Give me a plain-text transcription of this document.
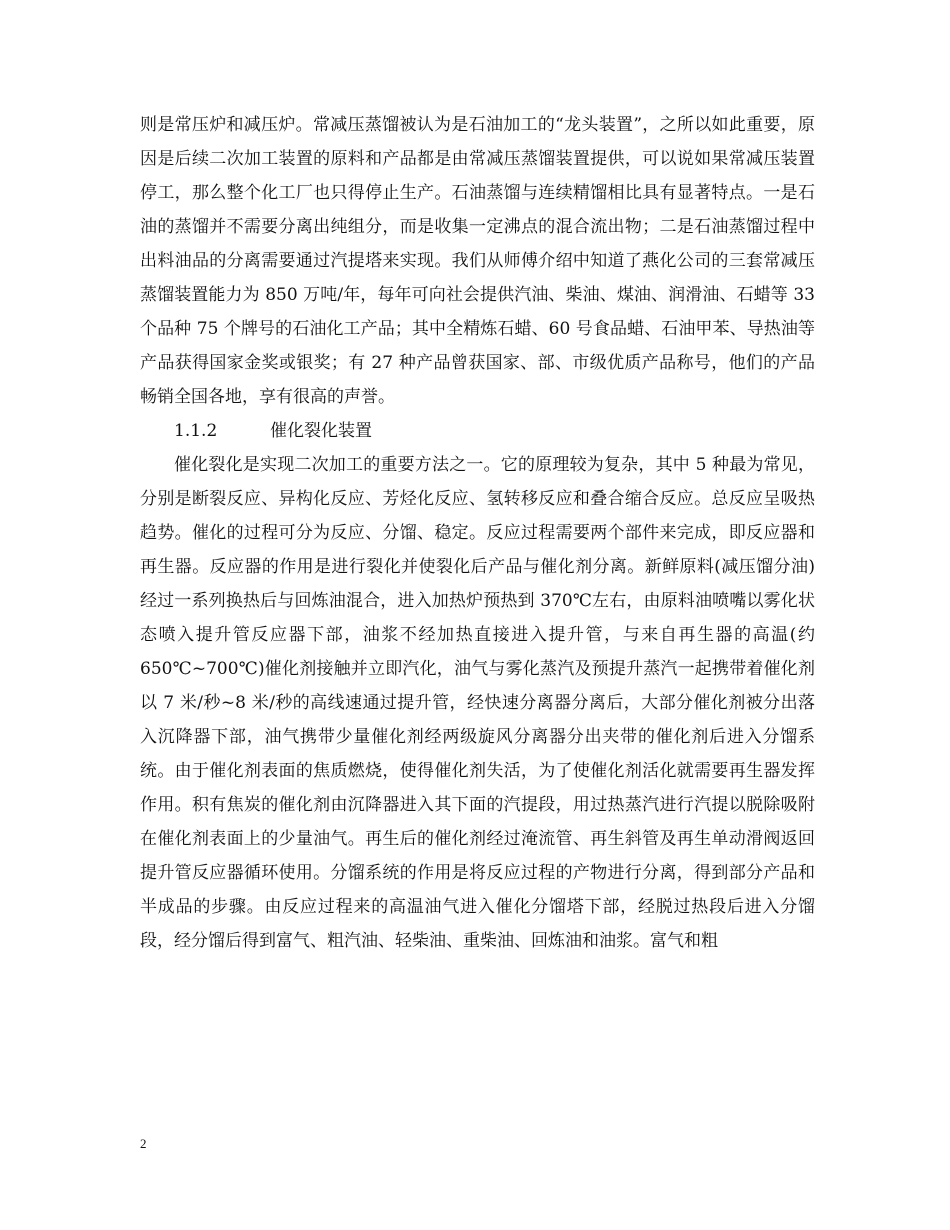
则是常压炉和减压炉。常减压蒸馏被认为是石油加工的“龙头装置”，之所以如此重要，原因是后续二次加工装置的原料和产品都是由常减压蒸馏装置提供，可以说如果常减压装置停工，那么整个化工厂也只得停止生产。石油蒸馏与连续精馏相比具有显著特点。一是石油的蒸馏并不需要分离出纯组分，而是收集一定沸点的混合流出物；二是石油蒸馏过程中出料油品的分离需要通过汽提塔来实现。我们从师傅介绍中知道了燕化公司的三套常减压蒸馏装置能力为 850 万吨/年，每年可向社会提供汽油、柴油、煤油、润滑油、石蜡等 33 个品种 75 个牌号的石油化工产品；其中全精炼石蜡、60 号食品蜡、石油甲苯、导热油等产品获得国家金奖或银奖；有 27 种产品曾获国家、部、市级优质产品称号，他们的产品畅销全国各地，享有很高的声誉。

1.1.2	催化裂化装置

催化裂化是实现二次加工的重要方法之一。它的原理较为复杂，其中 5 种最为常见，分别是断裂反应、异构化反应、芳烃化反应、氢转移反应和叠合缩合反应。总反应呈吸热趋势。催化的过程可分为反应、分馏、稳定。反应过程需要两个部件来完成，即反应器和再生器。反应器的作用是进行裂化并使裂化后产品与催化剂分离。新鲜原料(减压馏分油)经过一系列换热后与回炼油混合，进入加热炉预热到 370℃左右，由原料油喷嘴以雾化状态喷入提升管反应器下部，油浆不经加热直接进入提升管，与来自再生器的高温(约 650℃~700℃)催化剂接触并立即汽化，油气与雾化蒸汽及预提升蒸汽一起携带着催化剂以 7 米/秒~8 米/秒的高线速通过提升管，经快速分离器分离后，大部分催化剂被分出落入沉降器下部，油气携带少量催化剂经两级旋风分离器分出夹带的催化剂后进入分馏系统。由于催化剂表面的焦质燃烧，使得催化剂失活，为了使催化剂活化就需要再生器发挥作用。积有焦炭的催化剂由沉降器进入其下面的汽提段，用过热蒸汽进行汽提以脱除吸附在催化剂表面上的少量油气。再生后的催化剂经过淹流管、再生斜管及再生单动滑阀返回提升管反应器循环使用。分馏系统的作用是将反应过程的产物进行分离，得到部分产品和半成品的步骤。由反应过程来的高温油气进入催化分馏塔下部，经脱过热段后进入分馏段，经分馏后得到富气、粗汽油、轻柴油、重柴油、回炼油和油浆。富气和粗

2
